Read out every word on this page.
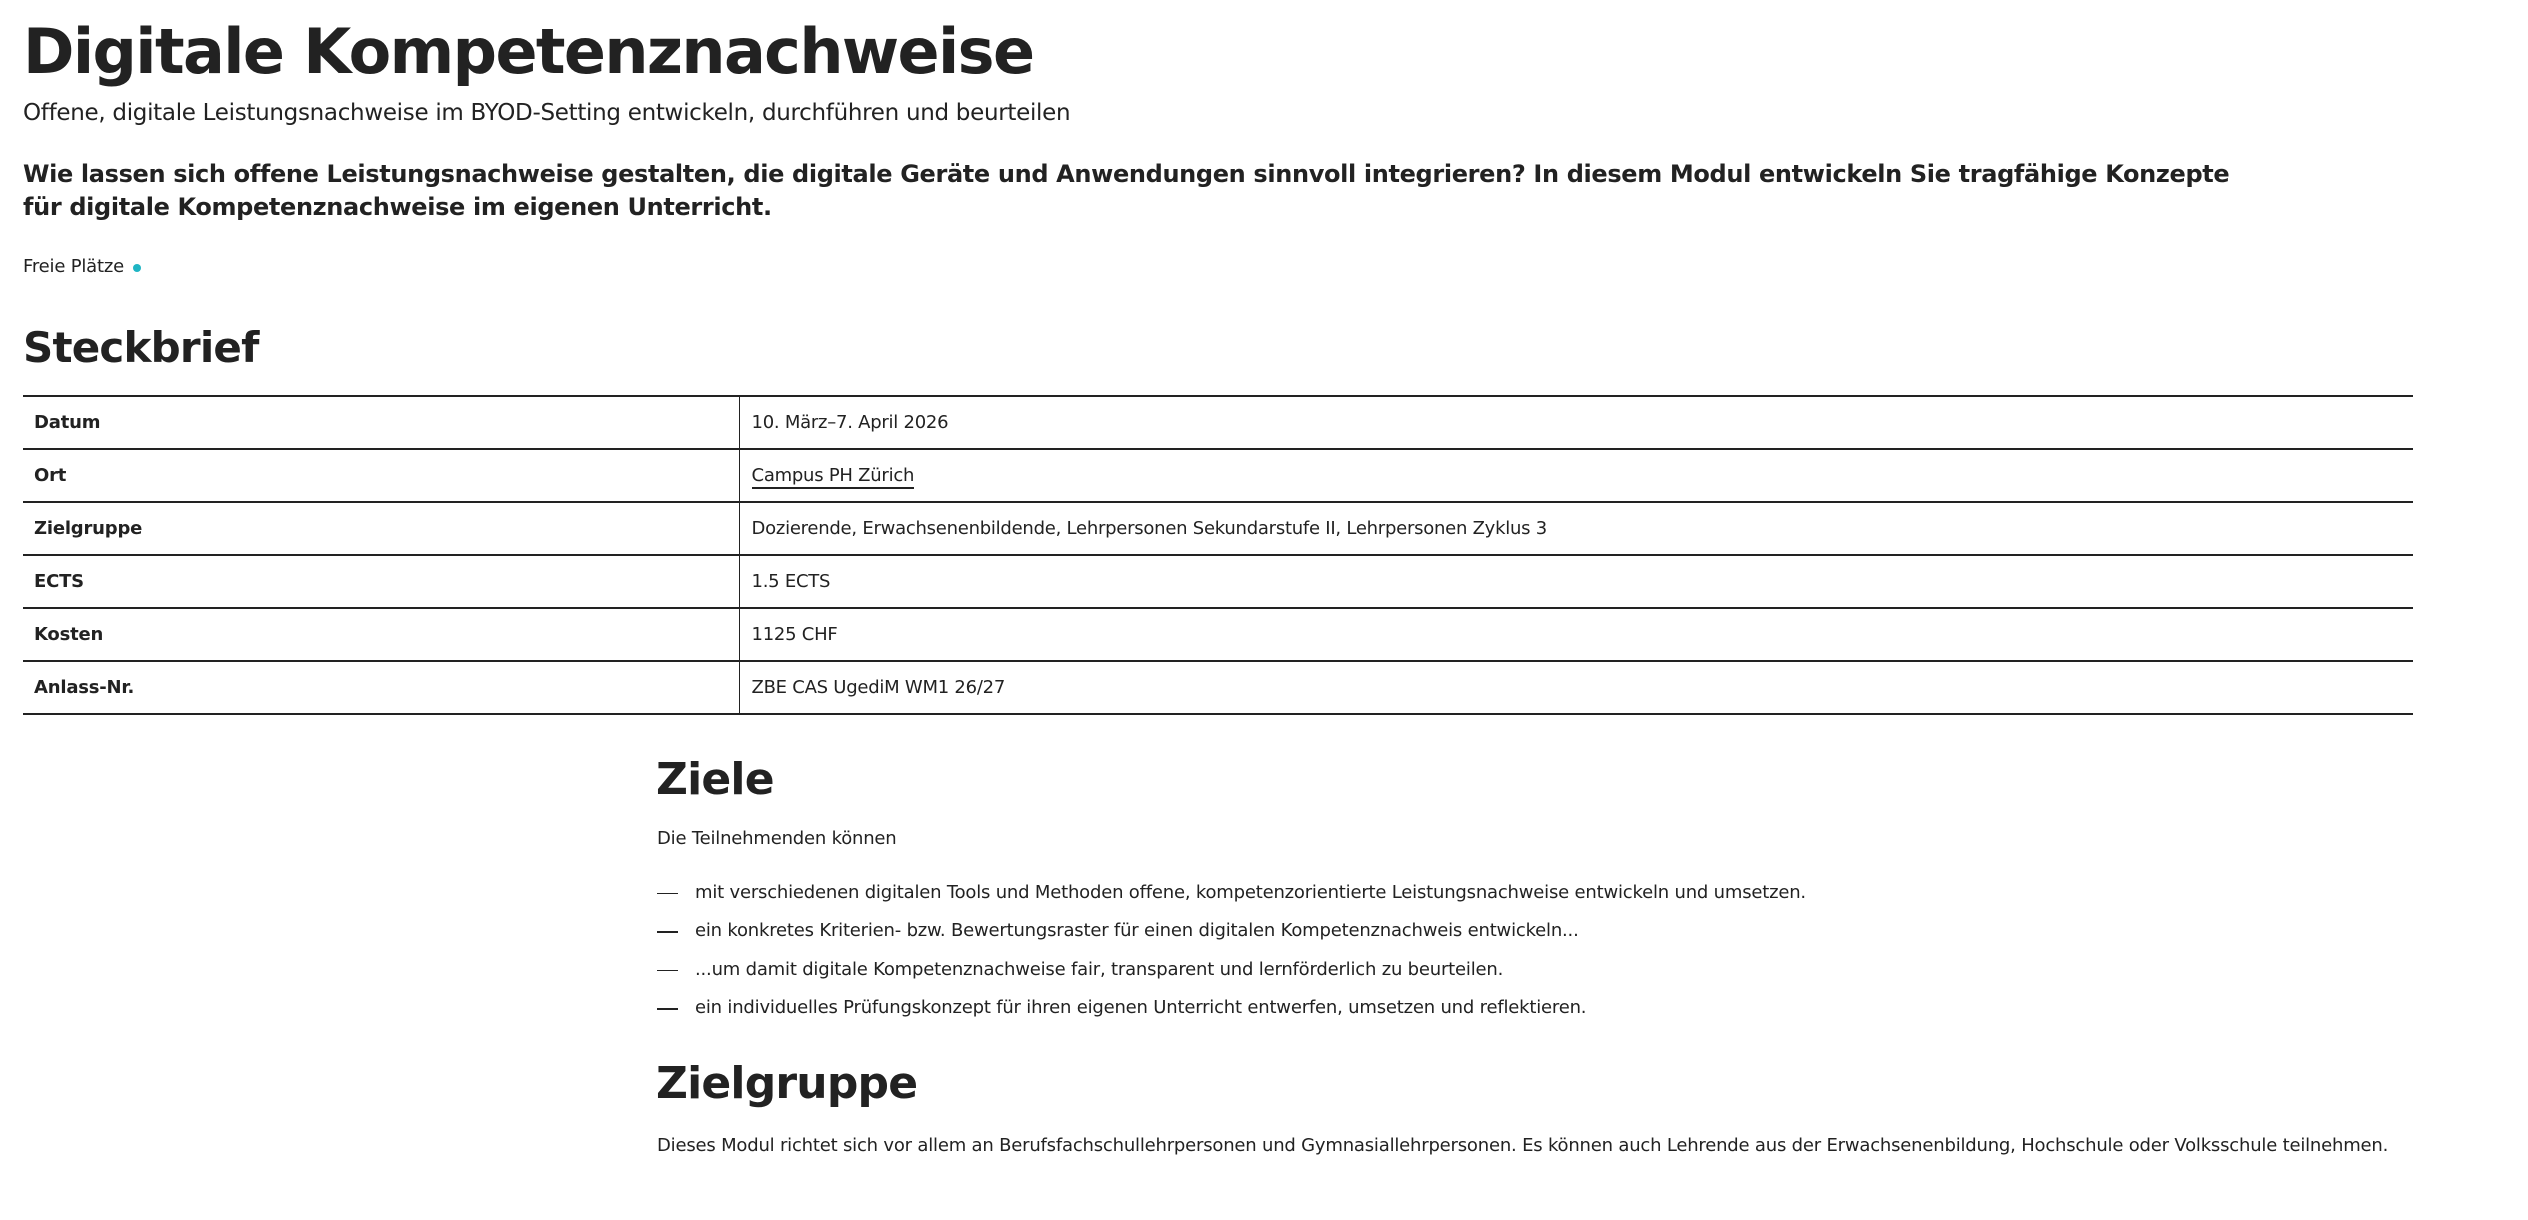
Digitale Kompetenznachweise

Offene, digitale Leistungsnachweise im BYOD-Setting entwickeln, durchführen und beurteilen

Wie lassen sich offene Leistungsnachweise gestalten, die digitale Geräte und Anwendungen sinnvoll integrieren? In diesem Modul entwickeln Sie tragfähige Konzepte für digitale Kompetenznachweise im eigenen Unterricht.

Freie Plätze
Steckbrief
Datum	10. März–7. April 2026
Ort	Campus PH Zürich
Zielgruppe	Dozierende, Erwachsenenbildende, Lehrpersonen Sekundarstufe II, Lehrpersonen Zyklus 3
ECTS	1.5 ECTS
Kosten	1125 CHF
Anlass-Nr.	ZBE CAS UgediM WM1 26/27
Ziele

Die Teilnehmenden können

mit verschiedenen digitalen Tools und Methoden offene, kompetenzorientierte Leistungsnachweise entwickeln und umsetzen.
ein konkretes Kriterien- bzw. Bewertungsraster für einen digitalen Kompetenznachweis entwickeln...
...um damit digitale Kompetenznachweise fair, transparent und lernförderlich zu beurteilen.
ein individuelles Prüfungskonzept für ihren eigenen Unterricht entwerfen, umsetzen und reflektieren.
Zielgruppe

Dieses Modul richtet sich vor allem an Berufsfachschullehrpersonen und Gymnasiallehrpersonen. Es können auch Lehrende aus der Erwachsenenbildung, Hochschule oder Volksschule teilnehmen.
